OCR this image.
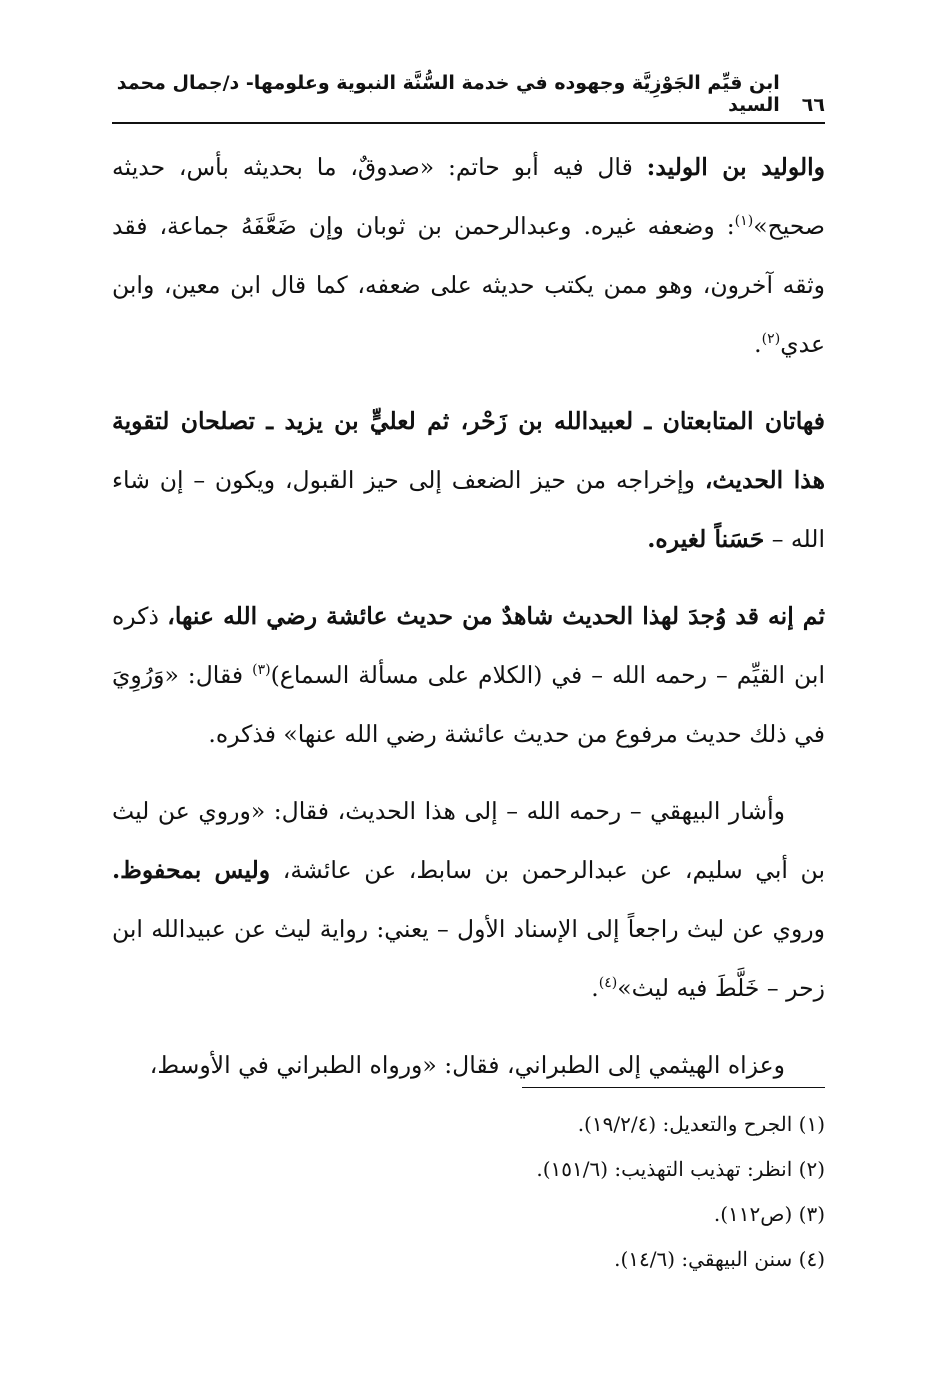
٦٦
ابن قيِّم الجَوْزِيَّة وجهوده في خدمة السُّنَّة النبوية وعلومها- د/جمال محمد السيد

والوليد بن الوليد: قال فيه أبو حاتم: «صدوقٌ، ما بحديثه بأس، حديثه صحيح»$^{(١)}$: وضعفه غيره. وعبدالرحمن بن ثوبان وإن ضَعَّفَهُ جماعة، فقد وثقه آخرون، وهو ممن يكتب حديثه على ضعفه، كما قال ابن معين، وابن عدي$^{(٢)}$.

فهاتان المتابعتان ـ لعبيدالله بن زَحْر، ثم لعليٍّ بن يزيد ـ تصلحان لتقوية هذا الحديث، وإخراجه من حيز الضعف إلى حيز القبول، ويكون – إن شاء الله – حَسَناً لغيره.

ثم إنه قد وُجدَ لهذا الحديث شاهدٌ من حديث عائشة رضي الله عنها، ذكره ابن القيِّم – رحمه الله – في (الكلام على مسألة السماع)$^{(٣)}$ فقال: «وَرُوِيَ في ذلك حديث مرفوع من حديث عائشة رضي الله عنها» فذكره.

وأشار البيهقي – رحمه الله – إلى هذا الحديث، فقال: «وروي عن ليث بن أبي سليم، عن عبدالرحمن بن سابط، عن عائشة، وليس بمحفوظ. وروي عن ليث راجعاً إلى الإسناد الأول – يعني: رواية ليث عن عبيدالله ابن زحر – خَلَّطَ فيه ليث»$^{(٤)}$.

وعزاه الهيثمي إلى الطبراني، فقال: «ورواه الطبراني في الأوسط،

(١) الجرح والتعديل: (١٩/٢/٤).
(٢) انظر: تهذيب التهذيب: (١٥١/٦).
(٣) (ص١١٢).
(٤) سنن البيهقي: (١٤/٦).
